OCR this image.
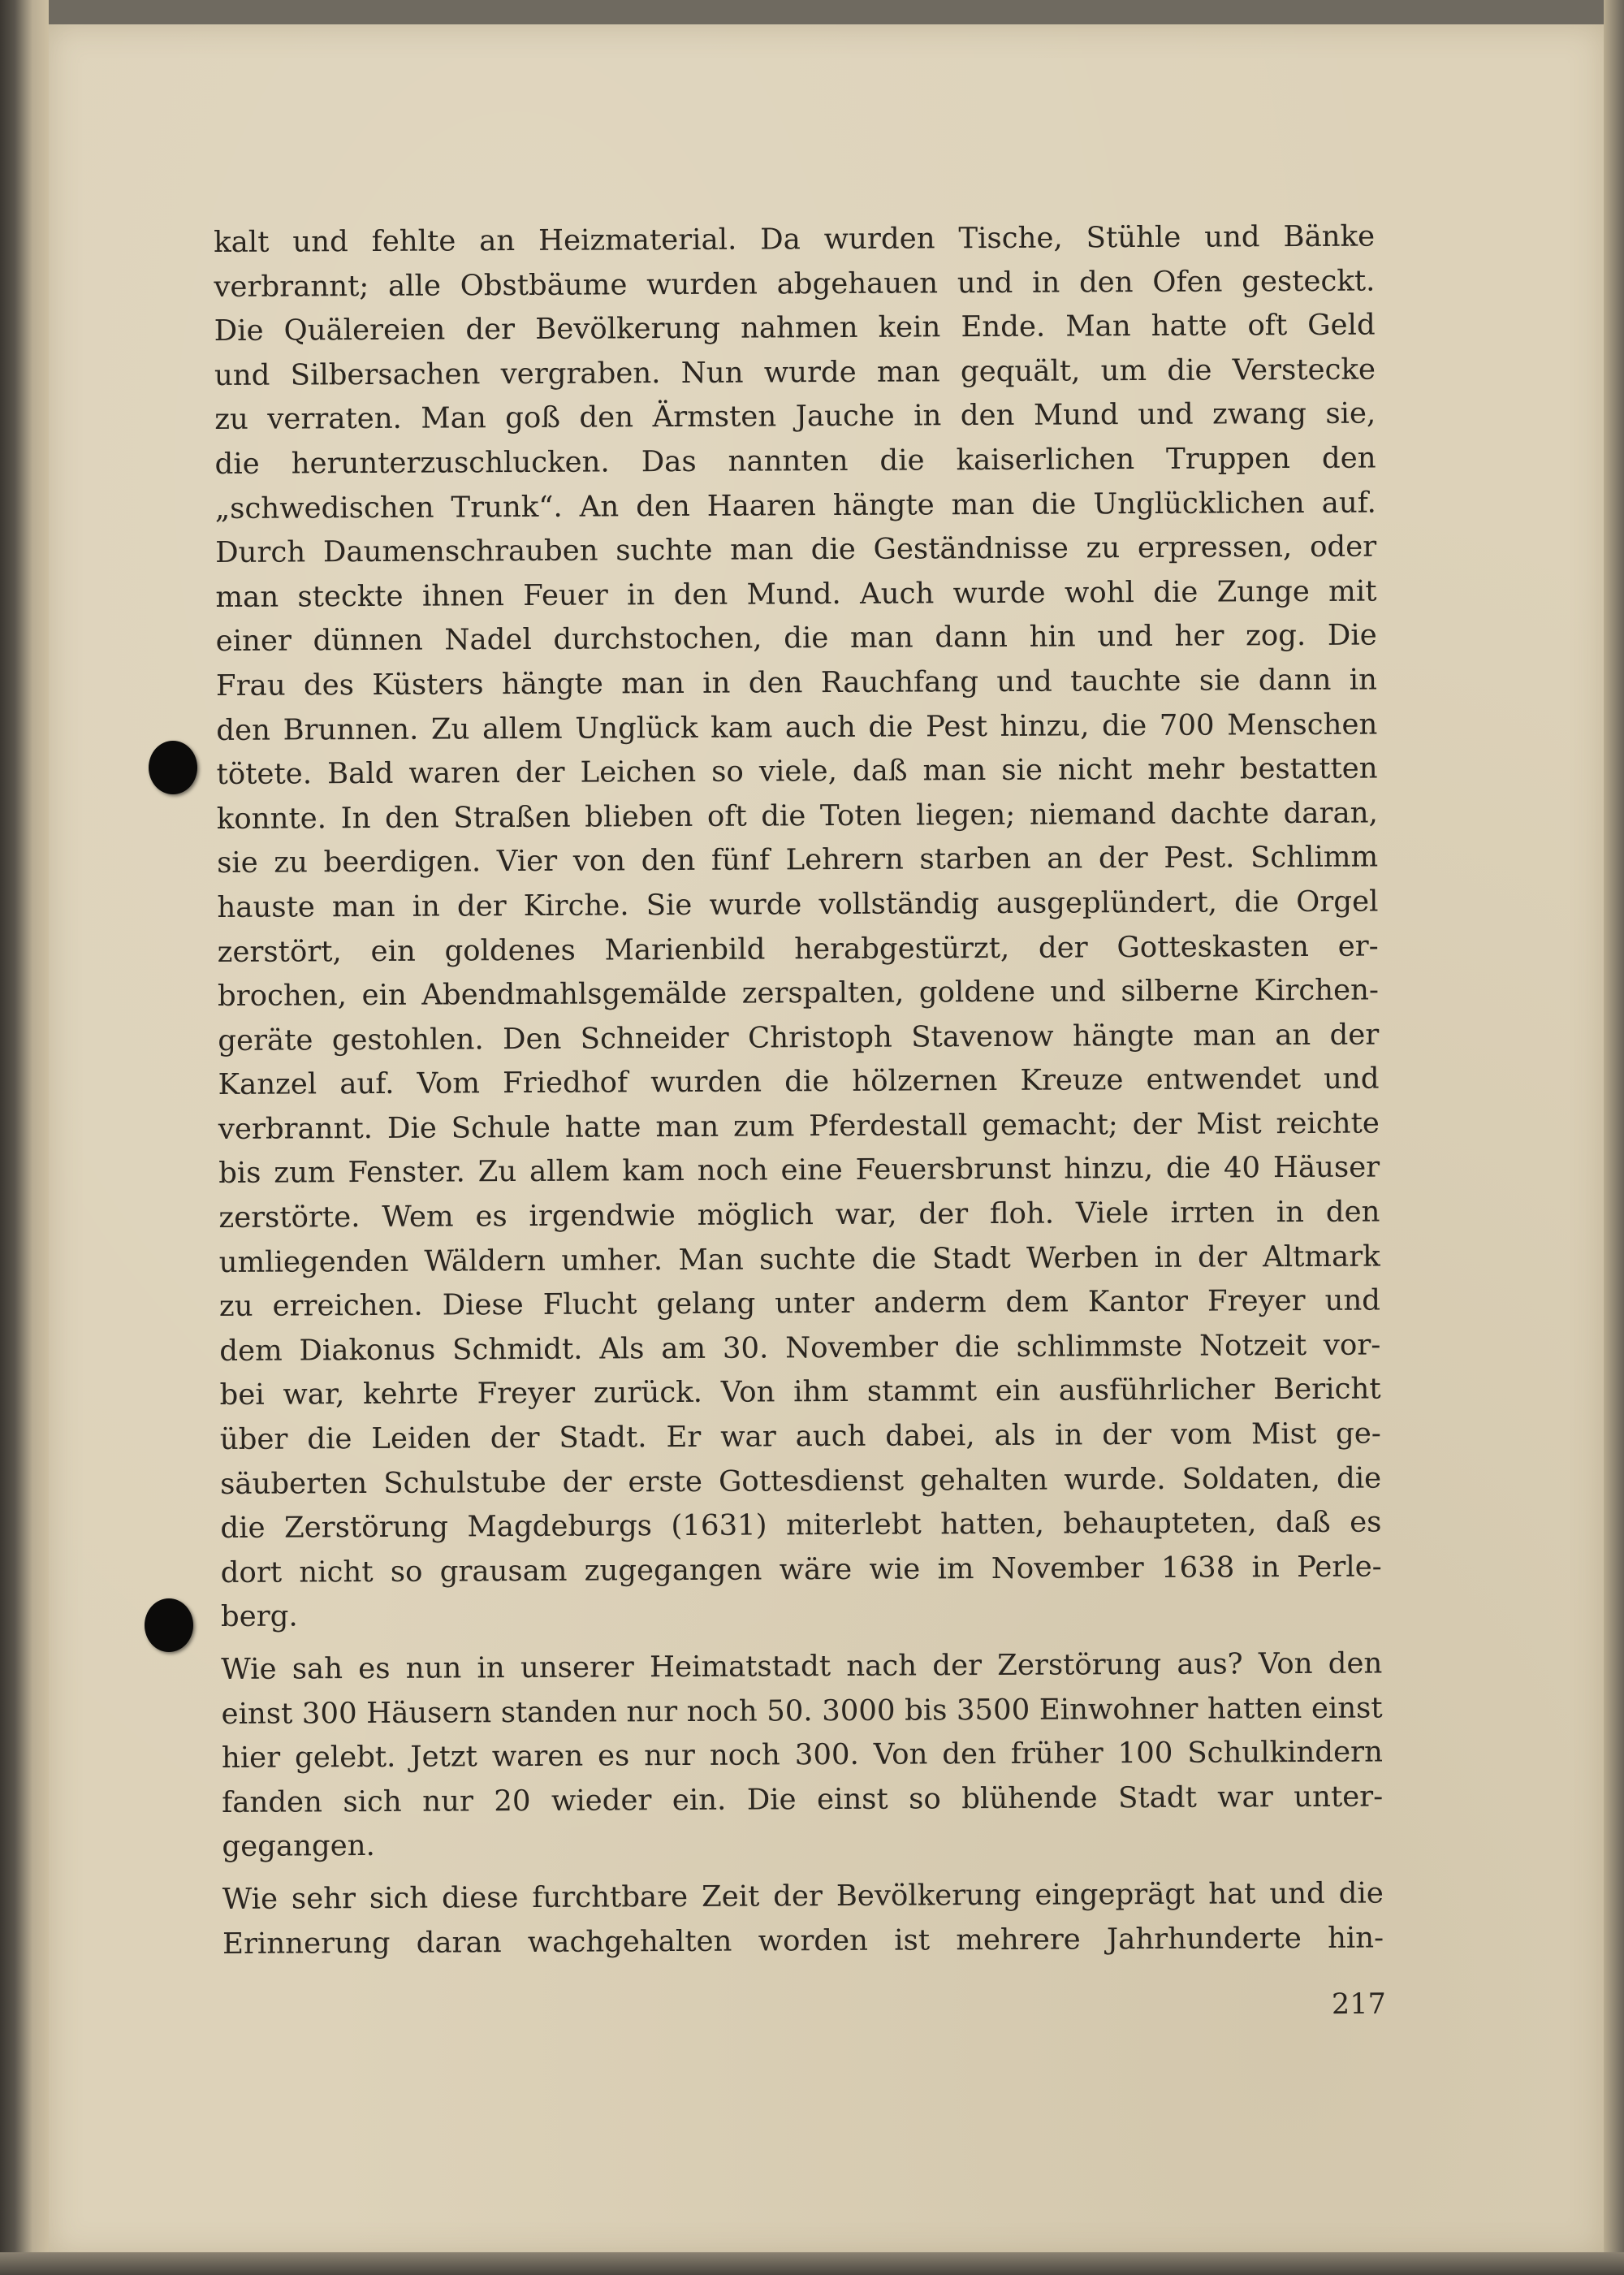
kalt und fehlte an Heizmaterial. Da wurden Tische, Stühle und Bänke
verbrannt; alle Obstbäume wurden abgehauen und in den Ofen gesteckt.
Die Quälereien der Bevölkerung nahmen kein Ende. Man hatte oft Geld
und Silbersachen vergraben. Nun wurde man gequält, um die Verstecke
zu verraten. Man goß den Ärmsten Jauche in den Mund und zwang sie,
die herunterzuschlucken. Das nannten die kaiserlichen Truppen den
„schwedischen Trunk“. An den Haaren hängte man die Unglücklichen auf.
Durch Daumenschrauben suchte man die Geständnisse zu erpressen, oder
man steckte ihnen Feuer in den Mund. Auch wurde wohl die Zunge mit
einer dünnen Nadel durchstochen, die man dann hin und her zog. Die
Frau des Küsters hängte man in den Rauchfang und tauchte sie dann in
den Brunnen. Zu allem Unglück kam auch die Pest hinzu, die 700 Menschen
tötete. Bald waren der Leichen so viele, daß man sie nicht mehr bestatten
konnte. In den Straßen blieben oft die Toten liegen; niemand dachte daran,
sie zu beerdigen. Vier von den fünf Lehrern starben an der Pest. Schlimm
hauste man in der Kirche. Sie wurde vollständig ausgeplündert, die Orgel
zerstört, ein goldenes Marienbild herabgestürzt, der Gotteskasten er-
brochen, ein Abendmahlsgemälde zerspalten, goldene und silberne Kirchen-
geräte gestohlen. Den Schneider Christoph Stavenow hängte man an der
Kanzel auf. Vom Friedhof wurden die hölzernen Kreuze entwendet und
verbrannt. Die Schule hatte man zum Pferdestall gemacht; der Mist reichte
bis zum Fenster. Zu allem kam noch eine Feuersbrunst hinzu, die 40 Häuser
zerstörte. Wem es irgendwie möglich war, der floh. Viele irrten in den
umliegenden Wäldern umher. Man suchte die Stadt Werben in der Altmark
zu erreichen. Diese Flucht gelang unter anderm dem Kantor Freyer und
dem Diakonus Schmidt. Als am 30. November die schlimmste Notzeit vor-
bei war, kehrte Freyer zurück. Von ihm stammt ein ausführlicher Bericht
über die Leiden der Stadt. Er war auch dabei, als in der vom Mist ge-
säuberten Schulstube der erste Gottesdienst gehalten wurde. Soldaten, die
die Zerstörung Magdeburgs (1631) miterlebt hatten, behaupteten, daß es
dort nicht so grausam zugegangen wäre wie im November 1638 in Perle-
berg.
Wie sah es nun in unserer Heimatstadt nach der Zerstörung aus? Von den
einst 300 Häusern standen nur noch 50. 3000 bis 3500 Einwohner hatten einst
hier gelebt. Jetzt waren es nur noch 300. Von den früher 100 Schulkindern
fanden sich nur 20 wieder ein. Die einst so blühende Stadt war unter-
gegangen.
Wie sehr sich diese furchtbare Zeit der Bevölkerung eingeprägt hat und die
Erinnerung daran wachgehalten worden ist mehrere Jahrhunderte hin-
217
